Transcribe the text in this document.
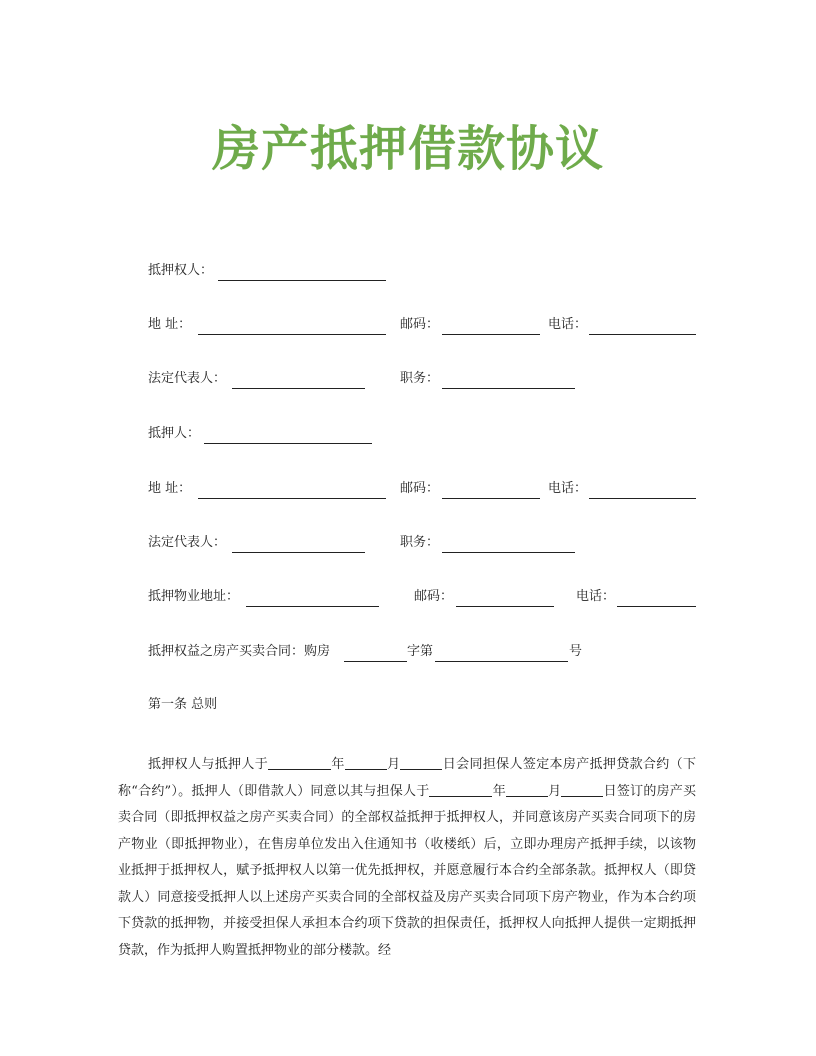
房产抵押借款协议
抵押权人：
地 址：	邮码：	电话：
法定代表人：	职务：
抵押人：
地 址：	邮码：	电话：
法定代表人：	职务：
抵押物业地址：	邮码：	电话：
抵押权益之房产买卖合同：购房	字第	号
第一条 总则
抵押权人与抵押人于	年	月	日会同担保人签定本房产抵押贷款合约（下称“合约”）。抵押人（即借款人）同意以其与担保人于	年	月	日签订的房产买卖合同（即抵押权益之房产买卖合同）的全部权益抵押于抵押权人，并同意该房产买卖合同项下的房产物业（即抵押物业），在售房单位发出入住通知书（收楼纸）后，立即办理房产抵押手续，以该物业抵押于抵押权人，赋予抵押权人以第一优先抵押权，并愿意履行本合约全部条款。抵押权人（即贷款人）同意接受抵押人以上述房产买卖合同的全部权益及房产买卖合同项下房产物业，作为本合约项下贷款的抵押物，并接受担保人承担本合约项下贷款的担保责任，抵押权人向抵押人提供一定期抵押贷款，作为抵押人购置抵押物业的部分楼款。经
